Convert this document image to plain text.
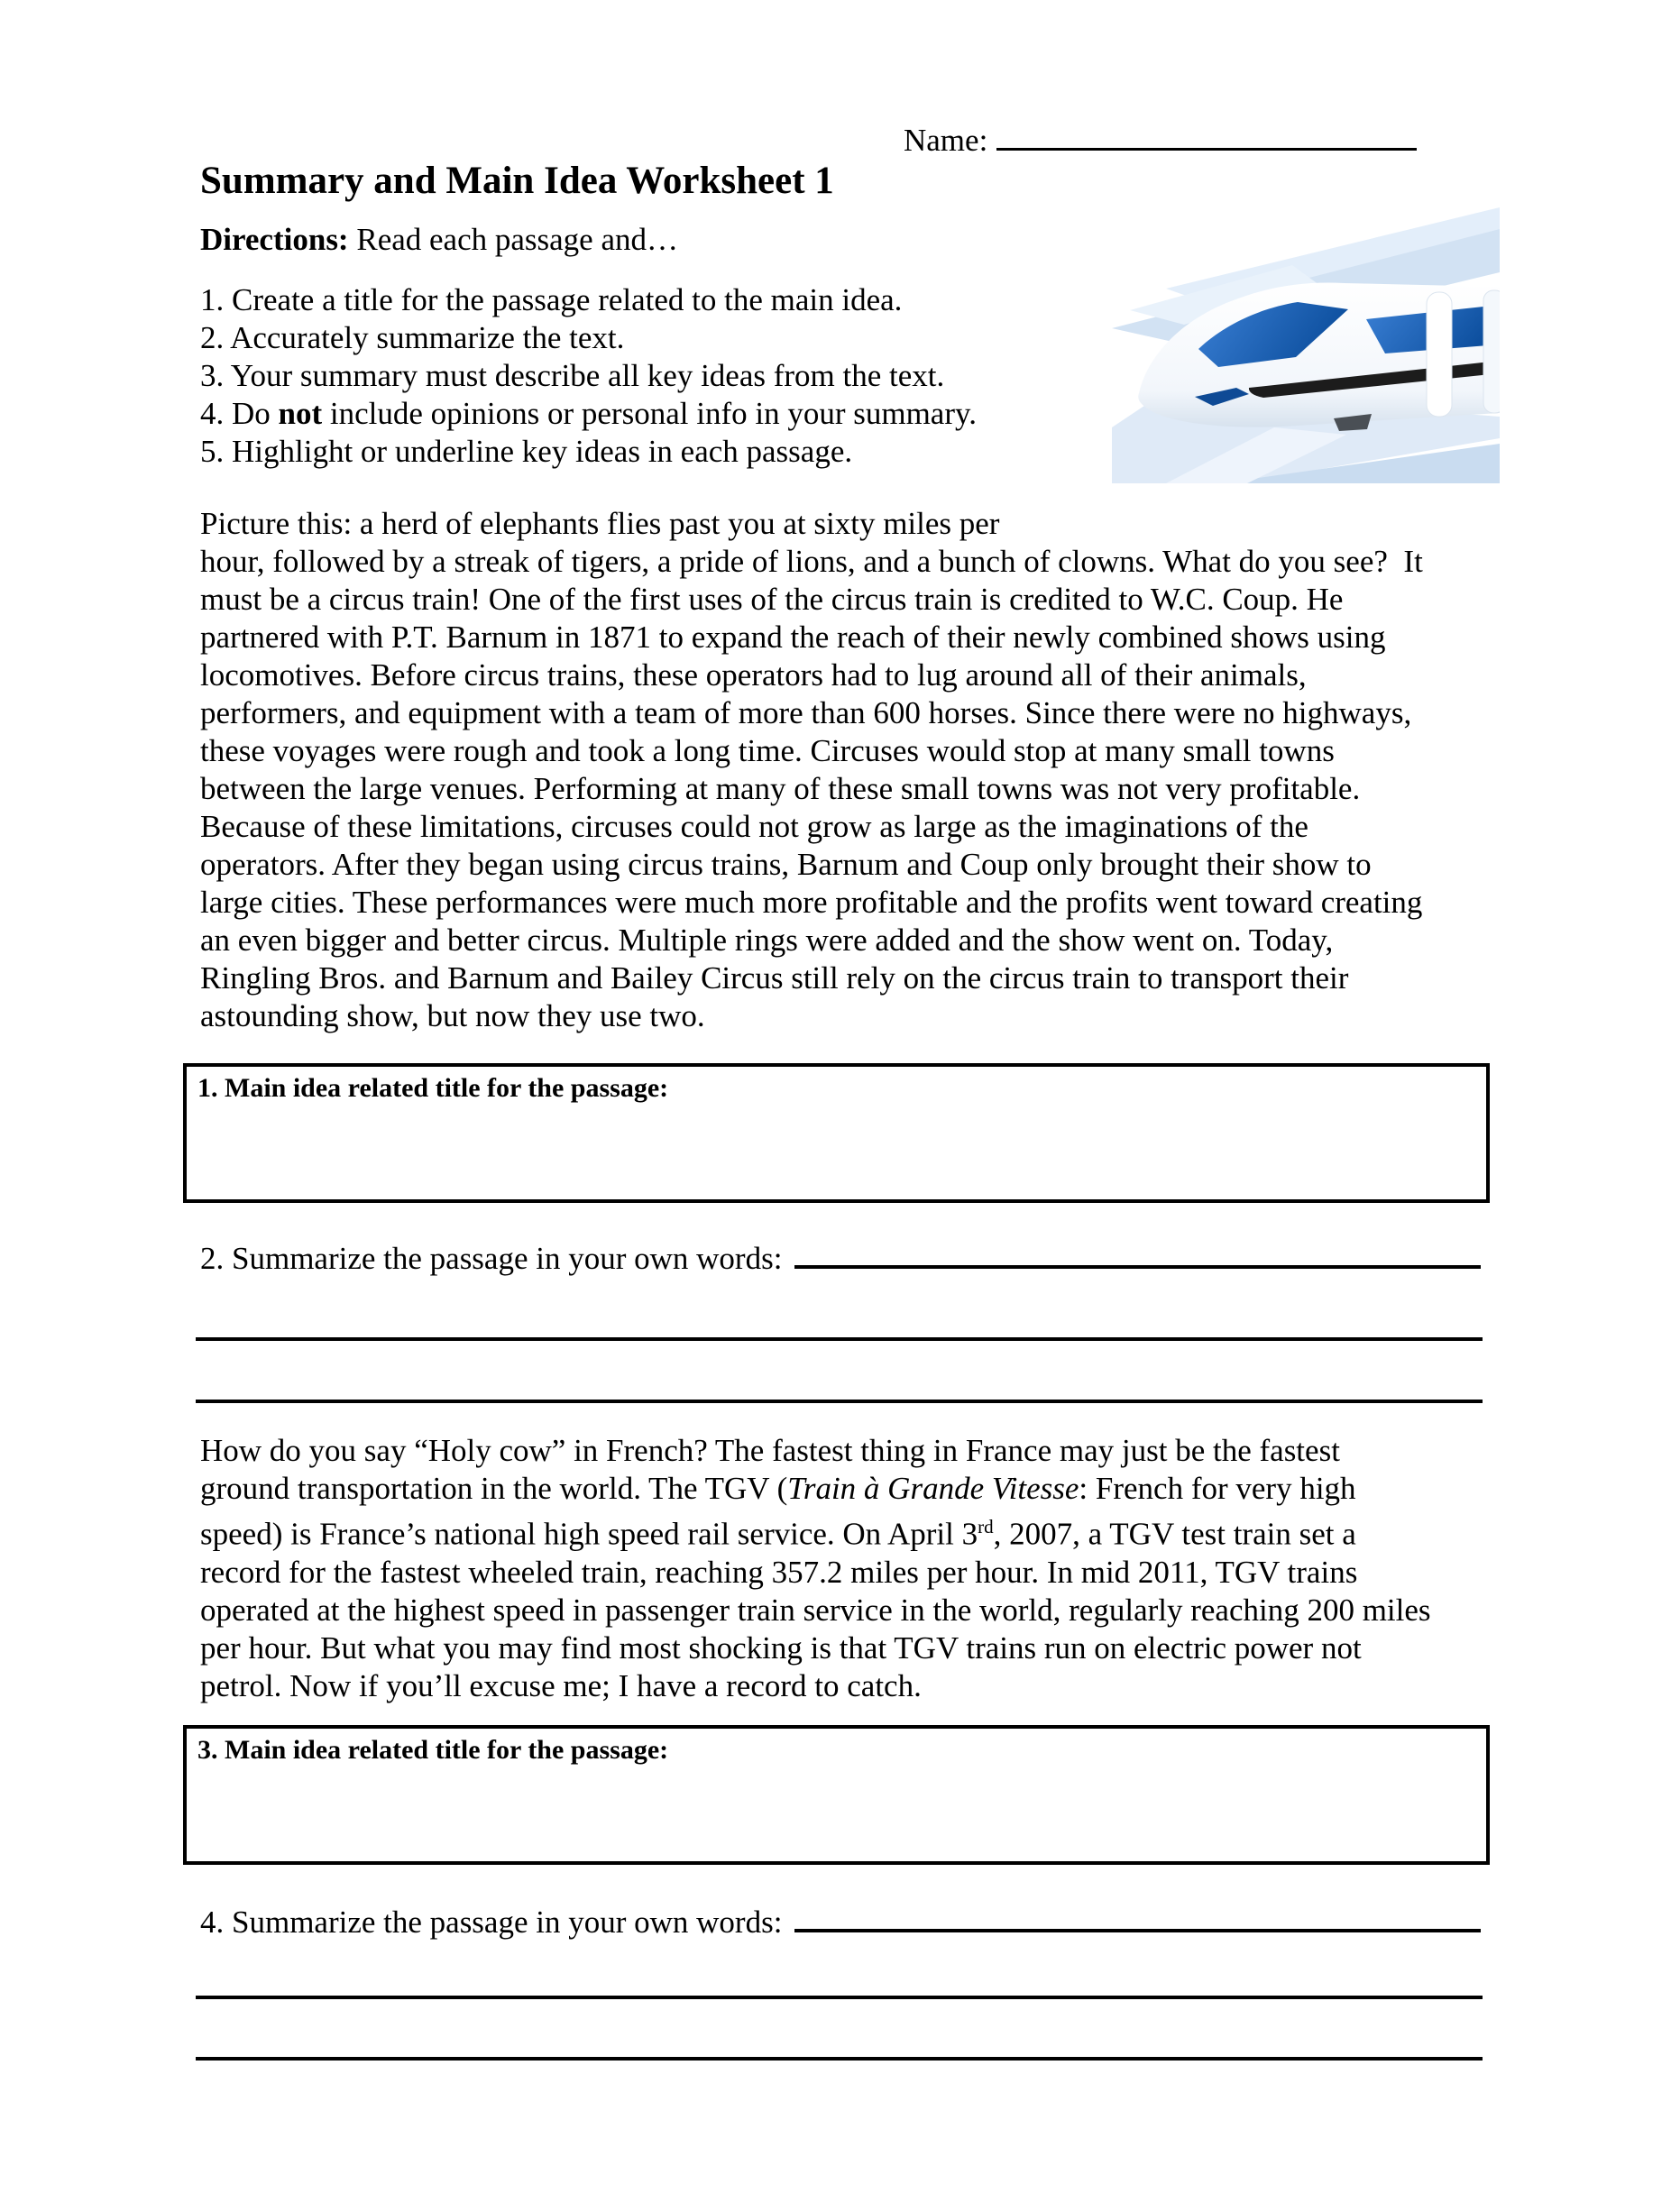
Name:
Summary and Main Idea Worksheet 1
Directions: Read each passage and…
1. Create a title for the passage related to the main idea.
2. Accurately summarize the text.
3. Your summary must describe all key ideas from the text.
4. Do not include opinions or personal info in your summary.
5. Highlight or underline key ideas in each passage.
Picture this: a herd of elephants flies past you at sixty miles per
hour, followed by a streak of tigers, a pride of lions, and a bunch of clowns. What do you see?  It
must be a circus train! One of the first uses of the circus train is credited to W.C. Coup. He
partnered with P.T. Barnum in 1871 to expand the reach of their newly combined shows using
locomotives. Before circus trains, these operators had to lug around all of their animals,
performers, and equipment with a team of more than 600 horses. Since there were no highways,
these voyages were rough and took a long time. Circuses would stop at many small towns
between the large venues. Performing at many of these small towns was not very profitable.
Because of these limitations, circuses could not grow as large as the imaginations of the
operators. After they began using circus trains, Barnum and Coup only brought their show to
large cities. These performances were much more profitable and the profits went toward creating
an even bigger and better circus. Multiple rings were added and the show went on. Today,
Ringling Bros. and Barnum and Bailey Circus still rely on the circus train to transport their
astounding show, but now they use two.
1. Main idea related title for the passage:
2. Summarize the passage in your own words:
How do you say “Holy cow” in French? The fastest thing in France may just be the fastest
ground transportation in the world. The TGV (Train à Grande Vitesse: French for very high
speed) is France’s national high speed rail service. On April 3rd, 2007, a TGV test train set a
record for the fastest wheeled train, reaching 357.2 miles per hour. In mid 2011, TGV trains
operated at the highest speed in passenger train service in the world, regularly reaching 200 miles
per hour. But what you may find most shocking is that TGV trains run on electric power not
petrol. Now if you’ll excuse me; I have a record to catch.
3. Main idea related title for the passage:
4. Summarize the passage in your own words:
